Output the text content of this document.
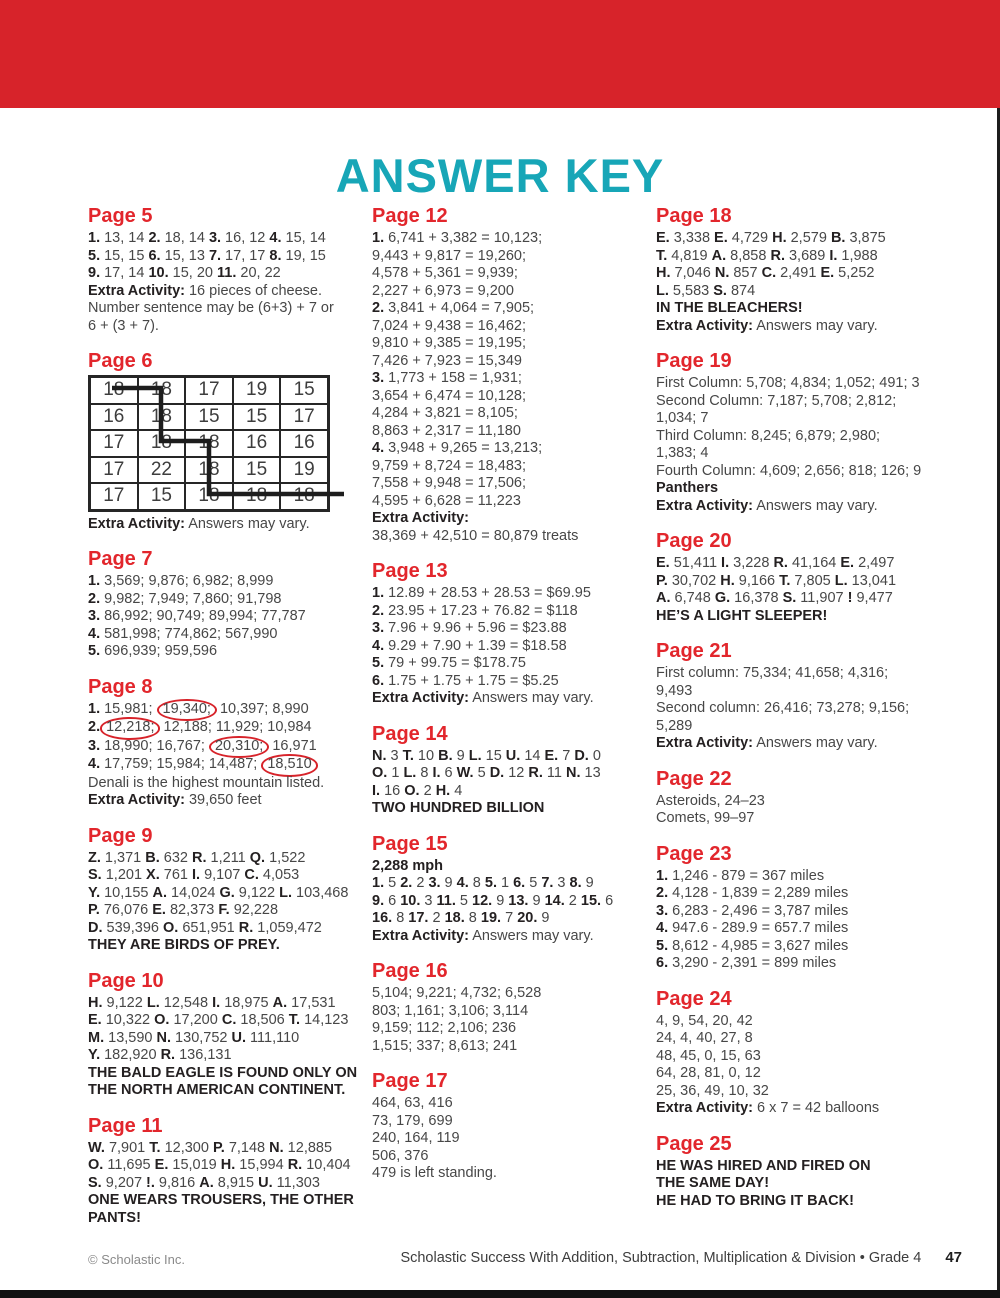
ANSWER KEY
Page 5
1. 13, 14 2. 18, 14 3. 16, 12 4. 15, 14
5. 15, 15 6. 15, 13 7. 17, 17 8. 19, 15
9. 17, 14 10. 15, 20 11. 20, 22
Extra Activity: 16 pieces of cheese.
Number sentence may be (6+3) + 7 or
6 + (3 + 7).
Page 6
18	18	17	19	15
16	18	15	15	17
17	18	18	16	16
17	22	18	15	19
17	15	18	18	18
Extra Activity: Answers may vary.
Page 7
1. 3,569; 9,876; 6,982; 8,999
2. 9,982; 7,949; 7,860; 91,798
3. 86,992; 90,749; 89,994; 77,787
4. 581,998; 774,862; 567,990
5. 696,939; 959,596
Page 8
1. 15,981; 19,340; 10,397; 8,990
2. 12,218; 12,188; 11,929; 10,984
3. 18,990; 16,767; 20,310; 16,971
4. 17,759; 15,984; 14,487; 18,510
Denali is the highest mountain listed.
Extra Activity: 39,650 feet
Page 9
Z. 1,371 B. 632 R. 1,211 Q. 1,522
S. 1,201 X. 761 I. 9,107 C. 4,053
Y. 10,155 A. 14,024 G. 9,122 L. 103,468
P. 76,076 E. 82,373 F. 92,228
D. 539,396 O. 651,951 R. 1,059,472
THEY ARE BIRDS OF PREY.
Page 10
H. 9,122 L. 12,548 I. 18,975 A. 17,531
E. 10,322 O. 17,200 C. 18,506 T. 14,123
M. 13,590 N. 130,752 U. 111,110
Y. 182,920 R. 136,131
THE BALD EAGLE IS FOUND ONLY ON
THE NORTH AMERICAN CONTINENT.
Page 11
W. 7,901 T. 12,300 P. 7,148 N. 12,885
O. 11,695 E. 15,019 H. 15,994 R. 10,404
S. 9,207 !. 9,816 A. 8,915 U. 11,303
ONE WEARS TROUSERS, THE OTHER
PANTS!
Page 12
1. 6,741 + 3,382 = 10,123;
9,443 + 9,817 = 19,260;
4,578 + 5,361 = 9,939;
2,227 + 6,973 = 9,200
2. 3,841 + 4,064 = 7,905;
7,024 + 9,438 = 16,462;
9,810 + 9,385 = 19,195;
7,426 + 7,923 = 15,349
3. 1,773 + 158 = 1,931;
3,654 + 6,474 = 10,128;
4,284 + 3,821 = 8,105;
8,863 + 2,317 = 11,180
4. 3,948 + 9,265 = 13,213;
9,759 + 8,724 = 18,483;
7,558 + 9,948 = 17,506;
4,595 + 6,628 = 11,223
Extra Activity:
38,369 + 42,510 = 80,879 treats
Page 13
1. 12.89 + 28.53 + 28.53 = $69.95
2. 23.95 + 17.23 + 76.82 = $118
3. 7.96 + 9.96 + 5.96 = $23.88
4. 9.29 + 7.90 + 1.39 = $18.58
5. 79 + 99.75 = $178.75
6. 1.75 + 1.75 + 1.75 = $5.25
Extra Activity: Answers may vary.
Page 14
N. 3 T. 10 B. 9 L. 15 U. 14 E. 7 D. 0
O. 1 L. 8 I. 6 W. 5 D. 12 R. 11 N. 13
I. 16 O. 2 H. 4
TWO HUNDRED BILLION
Page 15
2,288 mph
1. 5 2. 2 3. 9 4. 8 5. 1 6. 5 7. 3 8. 9
9. 6 10. 3 11. 5 12. 9 13. 9 14. 2 15. 6
16. 8 17. 2 18. 8 19. 7 20. 9
Extra Activity: Answers may vary.
Page 16
5,104; 9,221; 4,732; 6,528
803; 1,161; 3,106; 3,114
9,159; 112; 2,106; 236
1,515; 337; 8,613; 241
Page 17
464, 63, 416
73, 179, 699
240, 164, 119
506, 376
479 is left standing.
Page 18
E. 3,338 E. 4,729 H. 2,579 B. 3,875
T. 4,819 A. 8,858 R. 3,689 I. 1,988
H. 7,046 N. 857 C. 2,491 E. 5,252
L. 5,583 S. 874
IN THE BLEACHERS!
Extra Activity: Answers may vary.
Page 19
First Column: 5,708; 4,834; 1,052; 491; 3
Second Column: 7,187; 5,708; 2,812;
1,034; 7
Third Column: 8,245; 6,879; 2,980;
1,383; 4
Fourth Column: 4,609; 2,656; 818; 126; 9
Panthers
Extra Activity: Answers may vary.
Page 20
E. 51,411 I. 3,228 R. 41,164 E. 2,497
P. 30,702 H. 9,166 T. 7,805 L. 13,041
A. 6,748 G. 16,378 S. 11,907 ! 9,477
HE’S A LIGHT SLEEPER!
Page 21
First column: 75,334; 41,658; 4,316;
9,493
Second column: 26,416; 73,278; 9,156;
5,289
Extra Activity: Answers may vary.
Page 22
Asteroids, 24–23
Comets, 99–97
Page 23
1. 1,246 - 879 = 367 miles
2. 4,128 - 1,839 = 2,289 miles
3. 6,283 - 2,496 = 3,787 miles
4. 947.6 - 289.9 = 657.7 miles
5. 8,612 - 4,985 = 3,627 miles
6. 3,290 - 2,391 = 899 miles
Page 24
4, 9, 54, 20, 42
24, 4, 40, 27, 8
48, 45, 0, 15, 63
64, 28, 81, 0, 12
25, 36, 49, 10, 32
Extra Activity: 6 x 7 = 42 balloons
Page 25
HE WAS HIRED AND FIRED ON
THE SAME DAY!
HE HAD TO BRING IT BACK!
© Scholastic Inc.	Scholastic Success With Addition, Subtraction, Multiplication & Division • Grade 4 47
